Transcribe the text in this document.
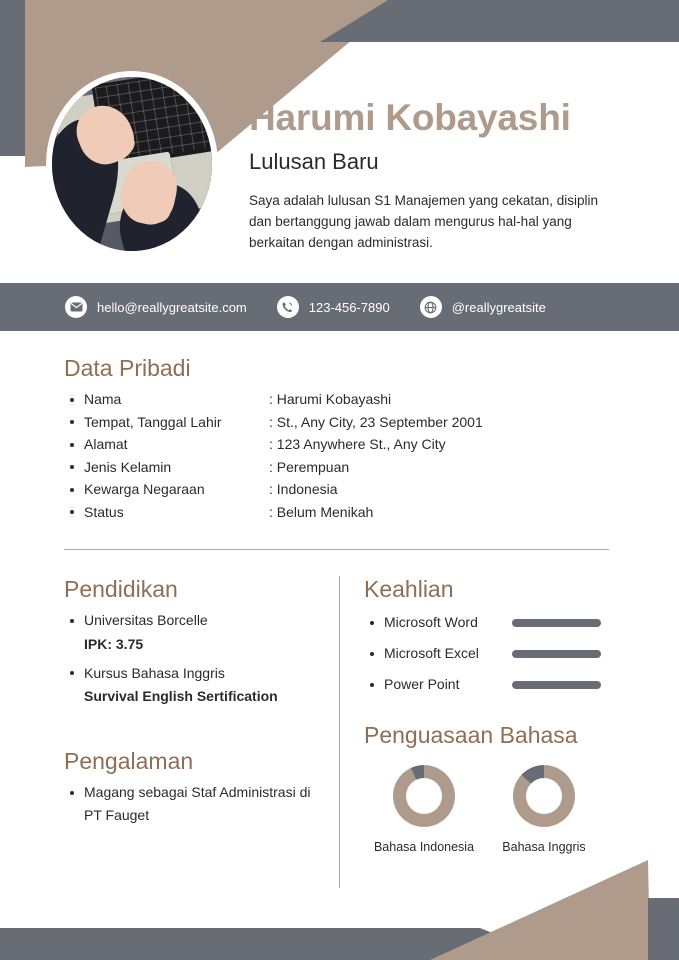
Harumi Kobayashi
Lulusan Baru
Saya adalah lulusan S1 Manajemen yang cekatan, disiplin dan bertanggung jawab dalam mengurus hal-hal yang berkaitan dengan administrasi.
hello@reallygreatsite.com	123-456-7890	@reallygreatsite
Data Pribadi
Nama	: Harumi Kobayashi
Tempat, Tanggal Lahir	: St., Any City, 23 September 2001
Alamat	: 123 Anywhere St., Any City
Jenis Kelamin	: Perempuan
Kewarga Negaraan	: Indonesia
Status	: Belum Menikah
Pendidikan
Universitas Borcelle
IPK: 3.75
Kursus Bahasa Inggris
Survival English Sertification
Pengalaman
Magang sebagai Staf Administrasi di PT Fauget
Keahlian
Microsoft Word
Microsoft Excel
Power Point
Penguasaan Bahasa
Bahasa Indonesia	Bahasa Inggris
